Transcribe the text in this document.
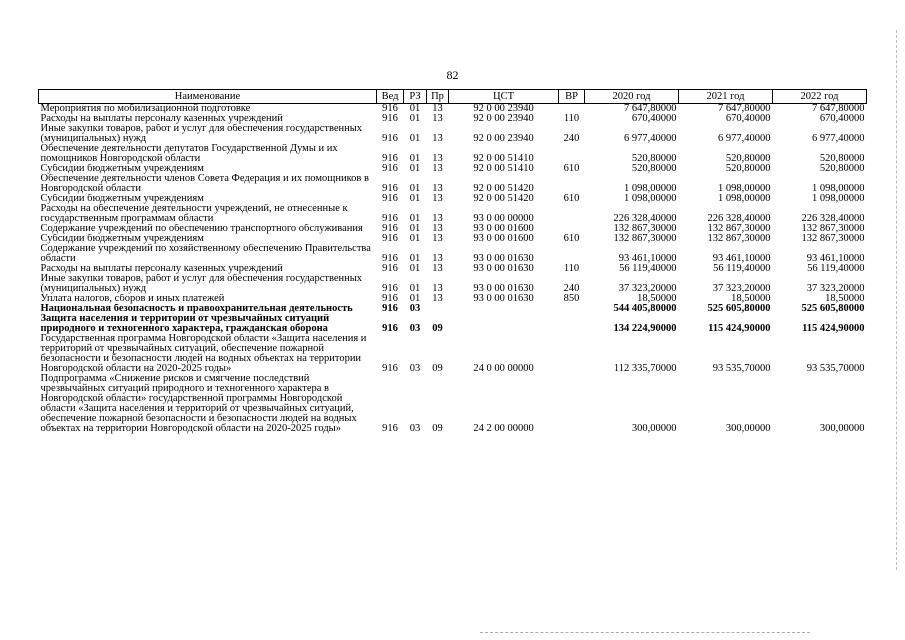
82
Наименование	Вед	РЗ	Пр	ЦСТ	ВР	2020 год	2021 год	2022 год
Мероприятия по мобилизационной подготовке	916	01	13	92 0 00 23940		7 647,80000	7 647,80000	7 647,80000
Расходы на выплаты персоналу казенных учреждений	916	01	13	92 0 00 23940	110	670,40000	670,40000	670,40000
Иные закупки товаров, работ и услуг для обеспечения государственных (муниципальных) нужд	916	01	13	92 0 00 23940	240	6 977,40000	6 977,40000	6 977,40000
Обеспечение деятельности депутатов Государственной Думы и их помощников Новгородской области	916	01	13	92 0 00 51410		520,80000	520,80000	520,80000
Субсидии бюджетным учреждениям	916	01	13	92 0 00 51410	610	520,80000	520,80000	520,80000
Обеспечение деятельности членов Совета Федерация и их помощников в Новгородской области	916	01	13	92 0 00 51420		1 098,00000	1 098,00000	1 098,00000
Субсидии бюджетным учреждениям	916	01	13	92 0 00 51420	610	1 098,00000	1 098,00000	1 098,00000
Расходы на обеспечение деятельности учреждений, не отнесенные к государственным программам области	916	01	13	93 0 00 00000		226 328,40000	226 328,40000	226 328,40000
Содержание учреждений по обеспечению транспортного обслуживания	916	01	13	93 0 00 01600		132 867,30000	132 867,30000	132 867,30000
Субсидии бюджетным учреждениям	916	01	13	93 0 00 01600	610	132 867,30000	132 867,30000	132 867,30000
Содержание учреждений по хозяйственному обеспечению Правительства области	916	01	13	93 0 00 01630		93 461,10000	93 461,10000	93 461,10000
Расходы на выплаты персоналу казенных учреждений	916	01	13	93 0 00 01630	110	56 119,40000	56 119,40000	56 119,40000
Иные закупки товаров, работ и услуг для обеспечения государственных (муниципальных) нужд	916	01	13	93 0 00 01630	240	37 323,20000	37 323,20000	37 323,20000
Уплата налогов, сборов и иных платежей	916	01	13	93 0 00 01630	850	18,50000	18,50000	18,50000
Национальная безопасность и правоохранительная деятельность	916	03				544 405,80000	525 605,80000	525 605,80000
Защита населения и территории от чрезвычайных ситуаций природного и техногенного характера, гражданская оборона	916	03	09			134 224,90000	115 424,90000	115 424,90000
Государственная программа Новгородской области «Защита населения и территорий от чрезвычайных ситуаций, обеспечение пожарной безопасности и безопасности людей на водных объектах на территории Новгородской области на 2020-2025 годы»	916	03	09	24 0 00 00000		112 335,70000	93 535,70000	93 535,70000
Подпрограмма «Снижение рисков и смягчение последствий чрезвычайных ситуаций природного и техногенного характера в Новгородской области» государственной программы Новгородской области «Защита населения и территорий от чрезвычайных ситуаций, обеспечение пожарной безопасности и безопасности людей на водных объектах на территории Новгородской области на 2020-2025 годы»	916	03	09	24 2 00 00000		300,00000	300,00000	300,00000
